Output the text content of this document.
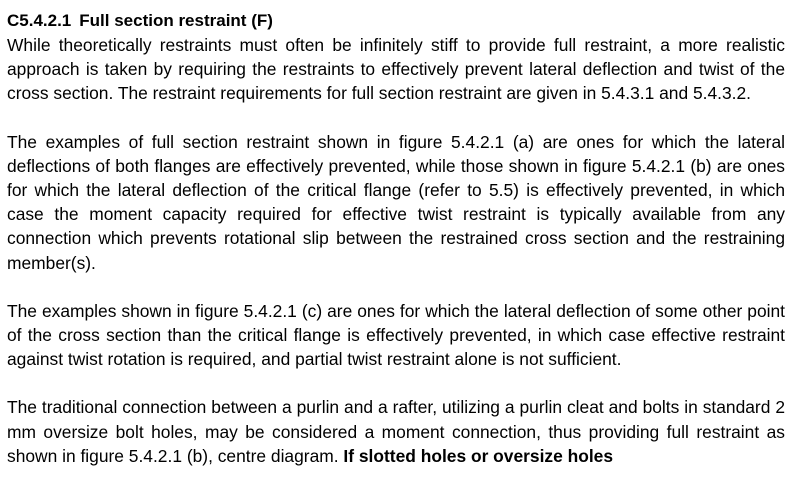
C5.4.2.1 Full section restraint (F)

While theoretically restraints must often be infinitely stiff to provide full restraint, a more realistic approach is taken by requiring the restraints to effectively prevent lateral deflection and twist of the cross section. The restraint requirements for full section restraint are given in 5.4.3.1 and 5.4.3.2.

The examples of full section restraint shown in figure 5.4.2.1 (a) are ones for which the lateral deflections of both flanges are effectively prevented, while those shown in figure 5.4.2.1 (b) are ones for which the lateral deflection of the critical flange (refer to 5.5) is effectively prevented, in which case the moment capacity required for effective twist restraint is typically available from any connection which prevents rotational slip between the restrained cross section and the restraining member(s).

The examples shown in figure 5.4.2.1 (c) are ones for which the lateral deflection of some other point of the cross section than the critical flange is effectively prevented, in which case effective restraint against twist rotation is required, and partial twist restraint alone is not sufficient.

The traditional connection between a purlin and a rafter, utilizing a purlin cleat and bolts in standard 2 mm oversize bolt holes, may be considered a moment connection, thus providing full restraint as shown in figure 5.4.2.1 (b), centre diagram. If slotted holes or oversize holes
